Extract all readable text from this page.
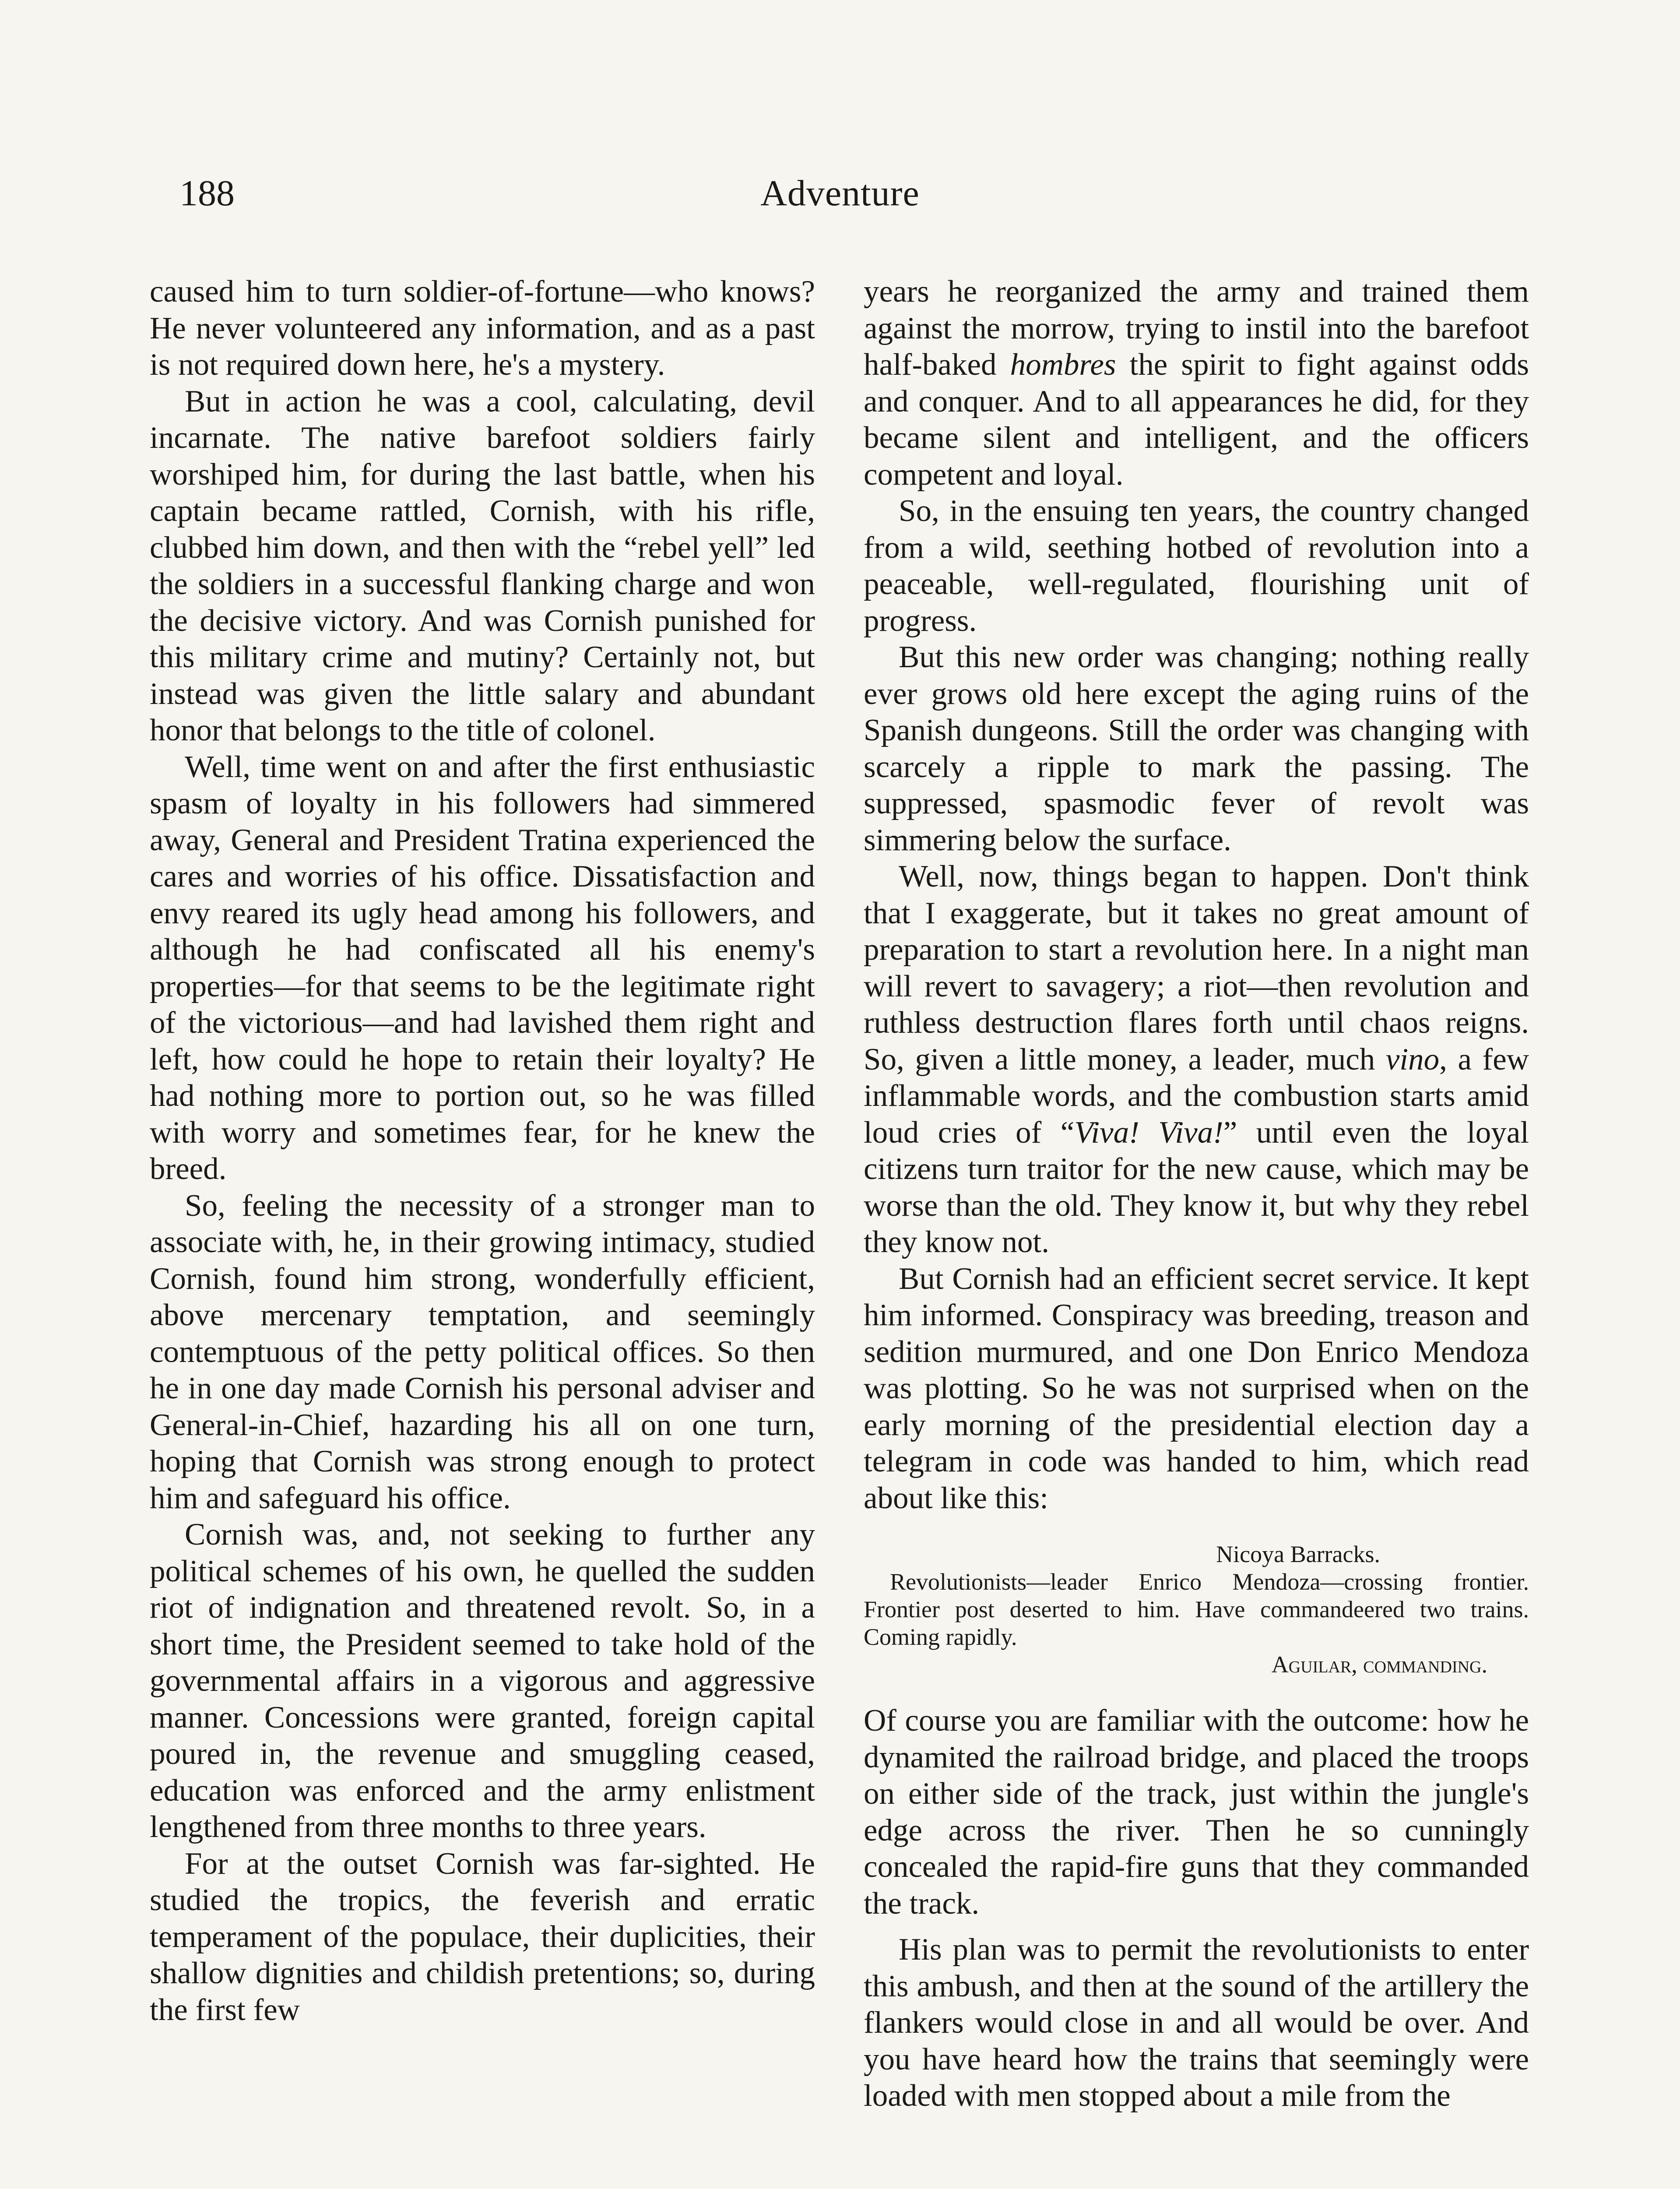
188	Adventure

caused him to turn soldier-of-fortune—who knows? He never volunteered any information, and as a past is not required down here, he's a mystery.

But in action he was a cool, calculating, devil incarnate. The native barefoot soldiers fairly worshiped him, for during the last battle, when his captain became rattled, Cornish, with his rifle, clubbed him down, and then with the “rebel yell” led the soldiers in a successful flanking charge and won the decisive victory. And was Cornish punished for this military crime and mutiny? Certainly not, but instead was given the little salary and abundant honor that belongs to the title of colonel.

Well, time went on and after the first enthusiastic spasm of loyalty in his followers had simmered away, General and President Tratina experienced the cares and worries of his office. Dissatisfaction and envy reared its ugly head among his followers, and although he had confiscated all his enemy's properties—for that seems to be the legitimate right of the victorious—and had lavished them right and left, how could he hope to retain their loyalty? He had nothing more to portion out, so he was filled with worry and sometimes fear, for he knew the breed.

So, feeling the necessity of a stronger man to associate with, he, in their growing intimacy, studied Cornish, found him strong, wonderfully efficient, above mercenary temptation, and seemingly contemptuous of the petty political offices. So then he in one day made Cornish his personal adviser and General-in-Chief, hazarding his all on one turn, hoping that Cornish was strong enough to protect him and safeguard his office.

Cornish was, and, not seeking to further any political schemes of his own, he quelled the sudden riot of indignation and threatened revolt. So, in a short time, the President seemed to take hold of the governmental affairs in a vigorous and aggressive manner. Concessions were granted, foreign capital poured in, the revenue and smuggling ceased, education was enforced and the army enlistment lengthened from three months to three years.

For at the outset Cornish was far-sighted. He studied the tropics, the feverish and erratic temperament of the populace, their duplicities, their shallow dignities and childish pretentions; so, during the first few

years he reorganized the army and trained them against the morrow, trying to instil into the barefoot half-baked hombres the spirit to fight against odds and conquer. And to all appearances he did, for they became silent and intelligent, and the officers competent and loyal.

So, in the ensuing ten years, the country changed from a wild, seething hotbed of revolution into a peaceable, well-regulated, flourishing unit of progress.

But this new order was changing; nothing really ever grows old here except the aging ruins of the Spanish dungeons. Still the order was changing with scarcely a ripple to mark the passing. The suppressed, spasmodic fever of revolt was simmering below the surface.

Well, now, things began to happen. Don't think that I exaggerate, but it takes no great amount of preparation to start a revolution here. In a night man will revert to savagery; a riot—then revolution and ruthless destruction flares forth until chaos reigns. So, given a little money, a leader, much vino, a few inflammable words, and the combustion starts amid loud cries of “Viva! Viva!” until even the loyal citizens turn traitor for the new cause, which may be worse than the old. They know it, but why they rebel they know not.

But Cornish had an efficient secret service. It kept him informed. Conspiracy was breeding, treason and sedition murmured, and one Don Enrico Mendoza was plotting. So he was not surprised when on the early morning of the presidential election day a telegram in code was handed to him, which read about like this:

Nicoya Barracks.
Revolutionists—leader Enrico Mendoza—crossing frontier. Frontier post deserted to him. Have commandeered two trains. Coming rapidly.
Aguilar, commanding.

Of course you are familiar with the outcome: how he dynamited the railroad bridge, and placed the troops on either side of the track, just within the jungle's edge across the river. Then he so cunningly concealed the rapid-fire guns that they commanded the track.

His plan was to permit the revolutionists to enter this ambush, and then at the sound of the artillery the flankers would close in and all would be over. And you have heard how the trains that seemingly were loaded with men stopped about a mile from the
